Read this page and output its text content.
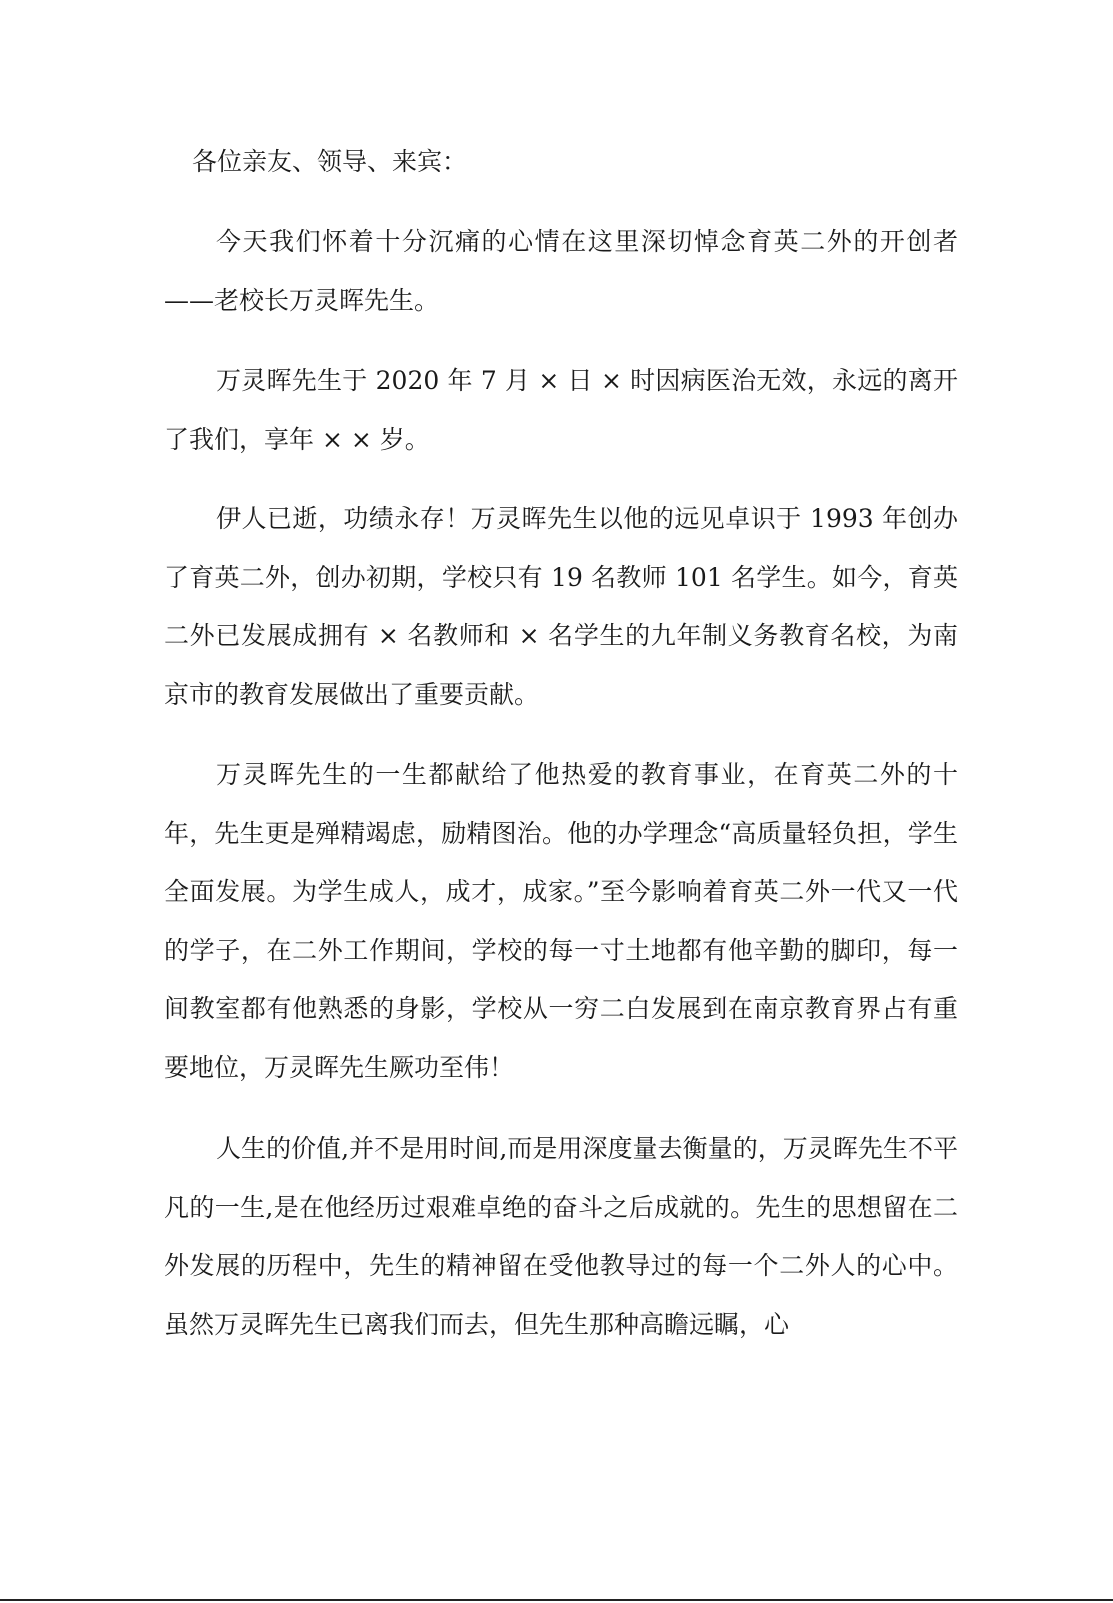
各位亲友、领导、来宾：

今天我们怀着十分沉痛的心情在这里深切悼念育英二外的开创者——老校长万灵晖先生。

万灵晖先生于 2020 年 7 月 × 日 × 时因病医治无效，永远的离开了我们，享年 × × 岁。

伊人已逝，功绩永存！万灵晖先生以他的远见卓识于 1993 年创办了育英二外，创办初期，学校只有 19 名教师 101 名学生。如今，育英二外已发展成拥有 × 名教师和 × 名学生的九年制义务教育名校，为南京市的教育发展做出了重要贡献。

万灵晖先生的一生都献给了他热爱的教育事业，在育英二外的十年，先生更是殚精竭虑，励精图治。他的办学理念“高质量轻负担，学生全面发展。为学生成人，成才，成家。”至今影响着育英二外一代又一代的学子，在二外工作期间，学校的每一寸土地都有他辛勤的脚印，每一间教室都有他熟悉的身影，学校从一穷二白发展到在南京教育界占有重要地位，万灵晖先生厥功至伟！

人生的价值,并不是用时间,而是用深度量去衡量的，万灵晖先生不平凡的一生,是在他经历过艰难卓绝的奋斗之后成就的。先生的思想留在二外发展的历程中，先生的精神留在受他教导过的每一个二外人的心中。虽然万灵晖先生已离我们而去，但先生那种高瞻远瞩，心
